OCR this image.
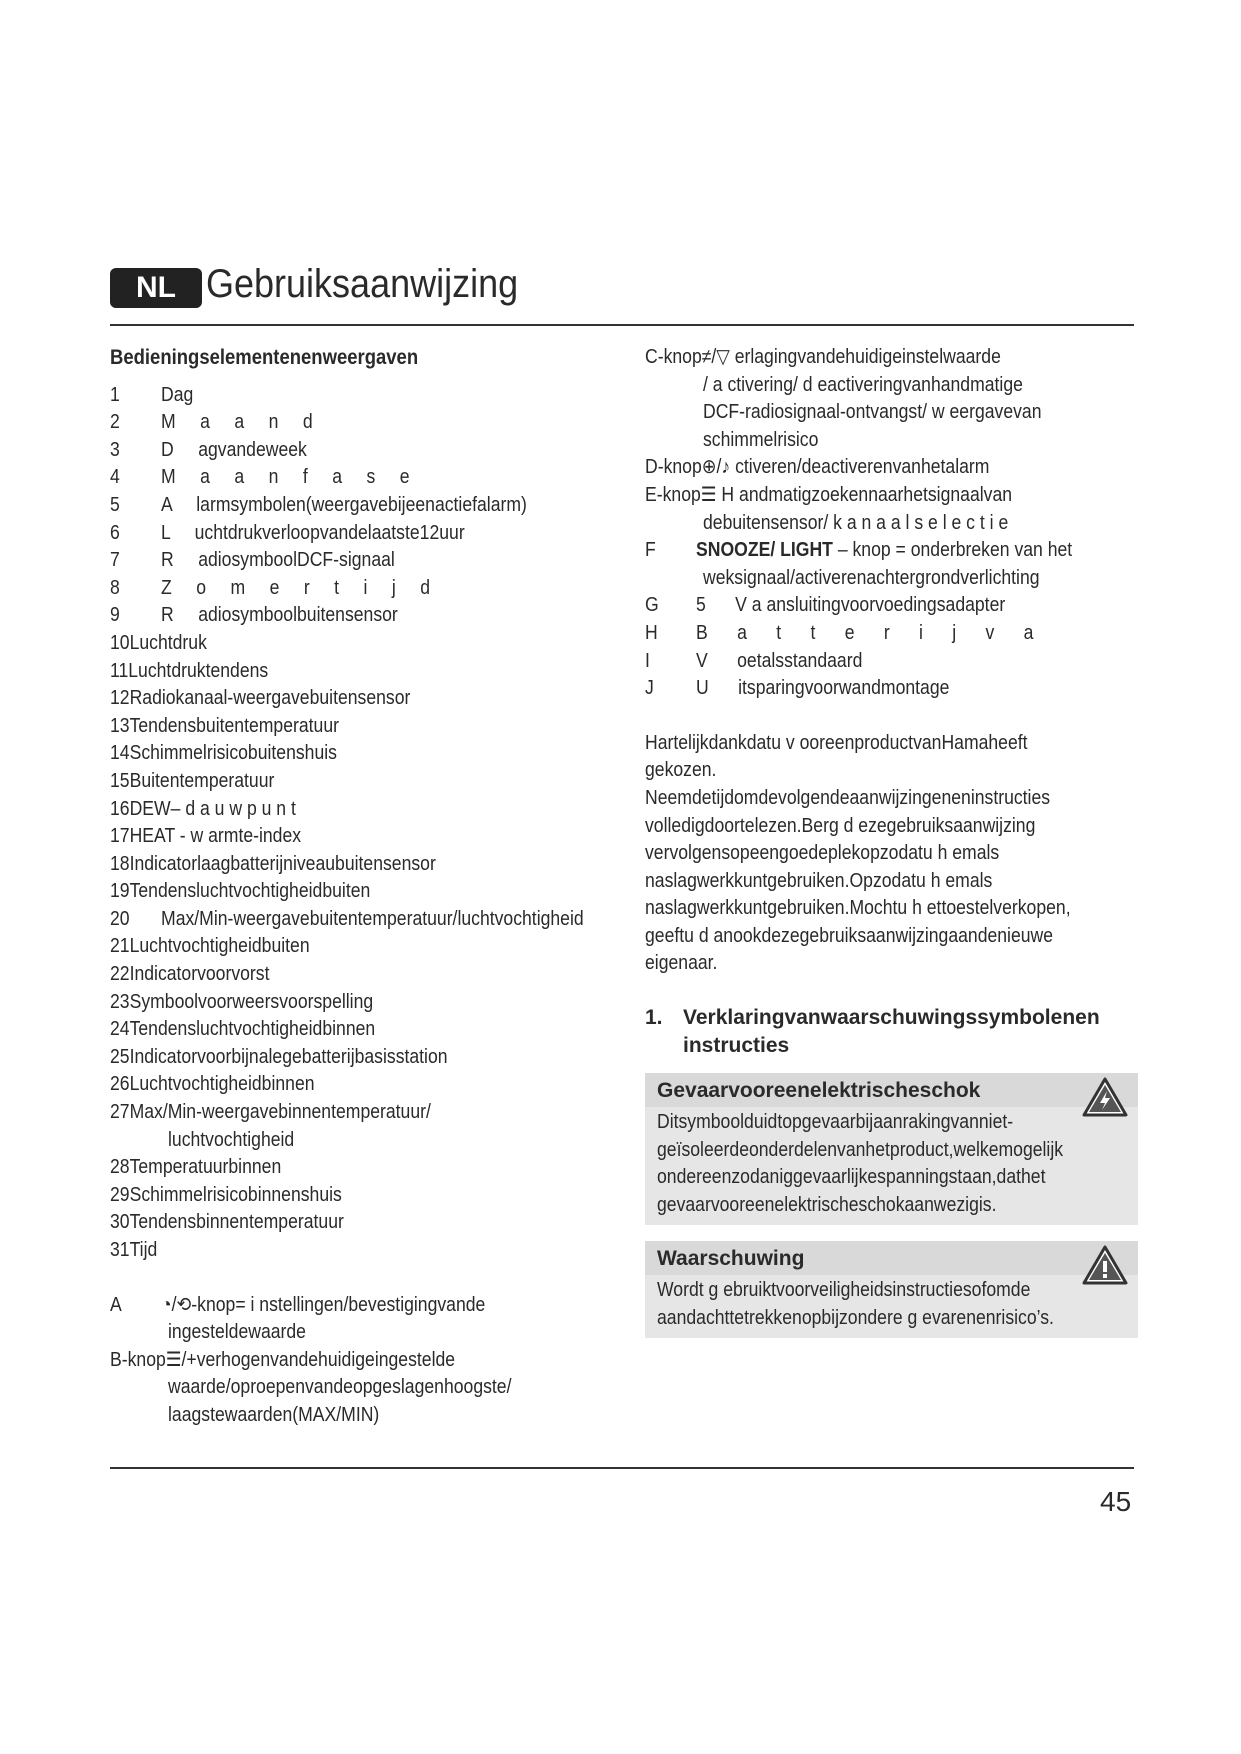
NL Gebruiksaanwijzing
Bedieningselementenenweergaven
1 Dag
2 M     a     a     n     d
3 D     agvandeweek
4 M     a     a     n     f     a     s     e
5 A     larmsymbolen(weergavebijeenactiefalarm)
6 L     uchtdrukverloopvandelaatste12uur
7 R     adiosymboolDCF-signaal
8 Z     o     m     e     r     t     i     j     d
9 R     adiosymboolbuitensensor
10Luchtdruk
11Luchtdruktendens
12Radiokanaal-weergavebuitensensor
13Tendensbuitentemperatuur
14Schimmelrisicobuitenshuis
15Buitentemperatuur
16DEW– d a u w p u n t
17HEAT - w armte-index
18Indicatorlaagbatterijniveaubuitensensor
19Tendensluchtvochtigheidbuiten
20 Max/Min-weergavebuitentemperatuur/luchtvochtigheid
21Luchtvochtigheidbuiten
22Indicatorvoorvorst
23Symboolvoorweersvoorspelling
24Tendensluchtvochtigheidbinnen
25Indicatorvoorbijnalegebatterijbasisstation
26Luchtvochtigheidbinnen
27Max/Min-weergavebinnentemperatuur/
luchtvochtigheid
28Temperatuurbinnen
29Schimmelrisicobinnenshuis
30Tendensbinnentemperatuur
31Tijd
A ◔/⟲-knop= i nstellingen/bevestigingvande
ingesteldewaarde
B-knop☰/+verhogenvandehuidigeingestelde
waarde/oproepenvandeopgeslagenhoogste/
laagstewaarden(MAX/MIN)
C-knop≠/▽ erlagingvandehuidigeinstelwaarde
/ a ctivering/ d eactiveringvanhandmatige
DCF-radiosignaal-ontvangst/ w eergavevan
schimmelrisico
D-knop⊕/♪ ctiveren/deactiverenvanhetalarm
E-knop☰ H andmatigzoekennaarhetsignaalvan
debuitensensor/ k a n a a l s e l e c t i e
F SNOOZE/ LIGHT – knop = onderbreken van het
weksignaal/activerenachtergrondverlichting
G 5      V a ansluitingvoorvoedingsadapter
H B      a      t      t      e      r      i      j      v      a
I V      oetalsstandaard
J U      itsparingvoorwandmontage
Hartelijkdankdatu v ooreenproductvanHamaheeft
gekozen.
Neemdetijdomdevolgendeaanwijzingeneninstructies
volledigdoortelezen.Berg d ezegebruiksaanwijzing
vervolgensopeengoedeplekopzodatu h emals
naslagwerkkuntgebruiken.Opzodatu h emals
naslagwerkkuntgebruiken.Mochtu h ettoestelverkopen,
geeftu d anookdezegebruiksaanwijzingaandenieuwe
eigenaar.
1. Verklaringvanwaarschuwingssymbolenen
instructies
Gevaarvooreenelektrischeschok
Ditsymboolduidtopgevaarbijaanrakingvanniet-
geïsoleerdeonderdelenvanhetproduct,welkemogelijk
ondereenzodaniggevaarlijkespanningstaan,dathet
gevaarvooreenelektrischeschokaanwezigis.
Waarschuwing
Wordt g ebruiktvoorveiligheidsinstructiesofomde
aandachttetrekkenopbijzondere g evarenenrisico’s.
45
